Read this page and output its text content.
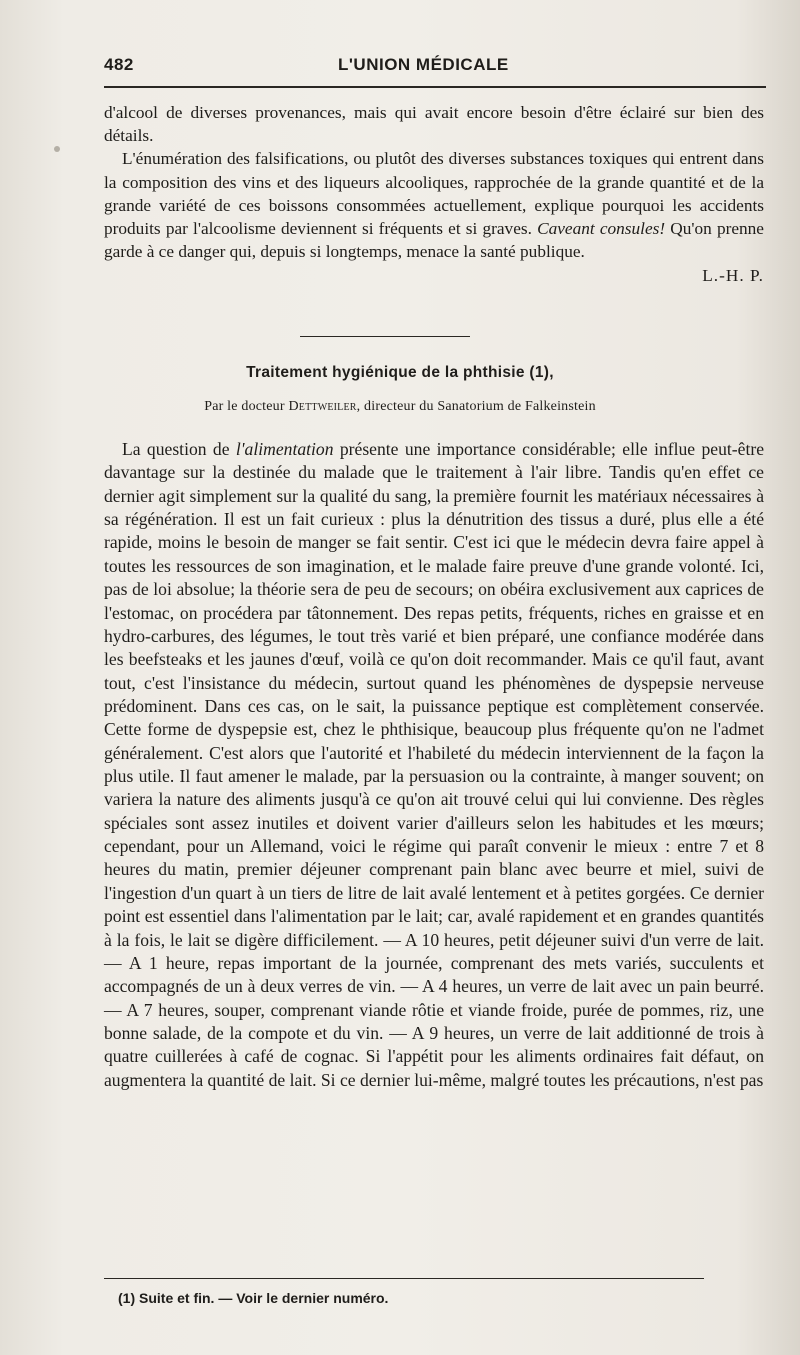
482	L'UNION MÉDICALE

d'alcool de diverses provenances, mais qui avait encore besoin d'être éclairé sur bien des détails.

L'énumération des falsifications, ou plutôt des diverses substances toxiques qui entrent dans la composition des vins et des liqueurs alcooliques, rapprochée de la grande quantité et de la grande variété de ces boissons consommées actuellement, explique pourquoi les accidents produits par l'alcoolisme deviennent si fréquents et si graves. Caveant consules! Qu'on prenne garde à ce danger qui, depuis si longtemps, menace la santé publique.

L.-H. P.

Traitement hygiénique de la phthisie (1),
Par le docteur Dettweiler, directeur du Sanatorium de Falkeinstein

La question de l'alimentation présente une importance considérable; elle influe peut-être davantage sur la destinée du malade que le traitement à l'air libre. Tandis qu'en effet ce dernier agit simplement sur la qualité du sang, la première fournit les matériaux nécessaires à sa régénération. Il est un fait curieux : plus la dénutrition des tissus a duré, plus elle a été rapide, moins le besoin de manger se fait sentir. C'est ici que le médecin devra faire appel à toutes les ressources de son imagination, et le malade faire preuve d'une grande volonté. Ici, pas de loi absolue; la théorie sera de peu de secours; on obéira exclusivement aux caprices de l'estomac, on procédera par tâtonnement. Des repas petits, fréquents, riches en graisse et en hydro-carbures, des légumes, le tout très varié et bien préparé, une confiance modérée dans les beefsteaks et les jaunes d'œuf, voilà ce qu'on doit recommander. Mais ce qu'il faut, avant tout, c'est l'insistance du médecin, surtout quand les phénomènes de dyspepsie nerveuse prédominent. Dans ces cas, on le sait, la puissance peptique est complètement conservée. Cette forme de dyspepsie est, chez le phthisique, beaucoup plus fréquente qu'on ne l'admet généralement. C'est alors que l'autorité et l'habileté du médecin interviennent de la façon la plus utile. Il faut amener le malade, par la persuasion ou la contrainte, à manger souvent; on variera la nature des aliments jusqu'à ce qu'on ait trouvé celui qui lui convienne. Des règles spéciales sont assez inutiles et doivent varier d'ailleurs selon les habitudes et les mœurs; cependant, pour un Allemand, voici le régime qui paraît convenir le mieux : entre 7 et 8 heures du matin, premier déjeuner comprenant pain blanc avec beurre et miel, suivi de l'ingestion d'un quart à un tiers de litre de lait avalé lentement et à petites gorgées. Ce dernier point est essentiel dans l'alimentation par le lait; car, avalé rapidement et en grandes quantités à la fois, le lait se digère difficilement. — A 10 heures, petit déjeuner suivi d'un verre de lait. — A 1 heure, repas important de la journée, comprenant des mets variés, succulents et accompagnés de un à deux verres de vin. — A 4 heures, un verre de lait avec un pain beurré. — A 7 heures, souper, comprenant viande rôtie et viande froide, purée de pommes, riz, une bonne salade, de la compote et du vin. — A 9 heures, un verre de lait additionné de trois à quatre cuillerées à café de cognac. Si l'appétit pour les aliments ordinaires fait défaut, on augmentera la quantité de lait. Si ce dernier lui-même, malgré toutes les précautions, n'est pas

(1) Suite et fin. — Voir le dernier numéro.
